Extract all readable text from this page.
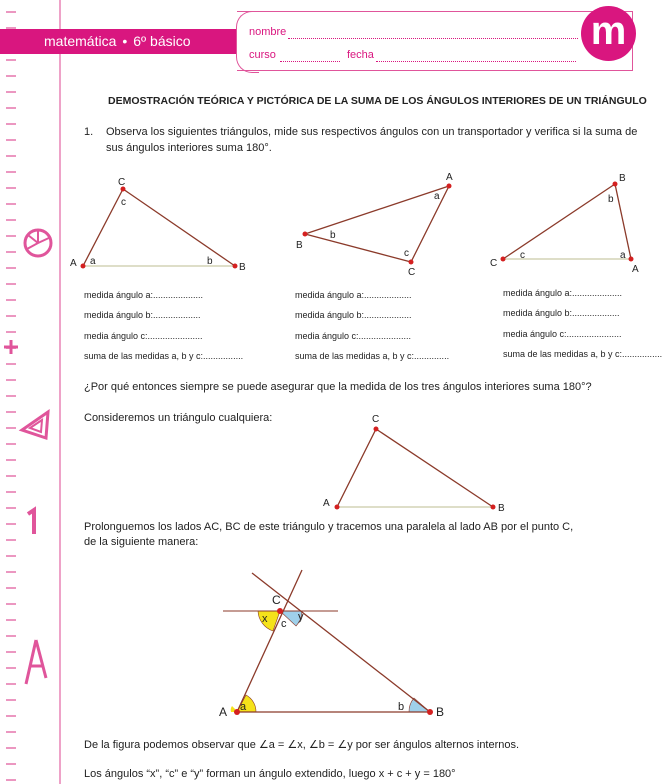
matemática • 6º básico
nombre
curso	fecha
m
DEMOSTRACIÓN TEÓRICA Y PICTÓRICA DE LA SUMA DE LOS ÁNGULOS INTERIORES DE UN TRIÁNGULO
1. Observa los siguientes triángulos, mide sus respectivos ángulos con un transportador y verifica si la suma de
sus ángulos interiores suma 180°.
A
C
B
a	b
c
B
A
C
b
a
c
C
B
A
c
b
a
medida ángulo a:....................
medida ángulo b:...................
media ángulo c:......................
suma de las medidas a, b y c:................
medida ángulo a:...................
medida ángulo b:...................
media ángulo c:.....................
suma de las medidas a, b y c:..............
medida ángulo a:....................
medida ángulo b:...................
media ángulo c:......................
suma de las medidas a, b y c:................
¿Por qué entonces siempre se puede asegurar que la medida de los tres ángulos interiores suma 180°?
Consideremos un triángulo cualquiera:
A
C
B
Prolonguemos los lados AC, BC de este triángulo y tracemos una paralela al lado AB por el punto C,
de la siguiente manera:
C
A	B
a	b
c
x	y
De la figura podemos observar que ∠a = ∠x, ∠b = ∠y por ser ángulos alternos internos.
Los ángulos “x”, “c” e “y” forman un ángulo extendido, luego x + c + y = 180°
